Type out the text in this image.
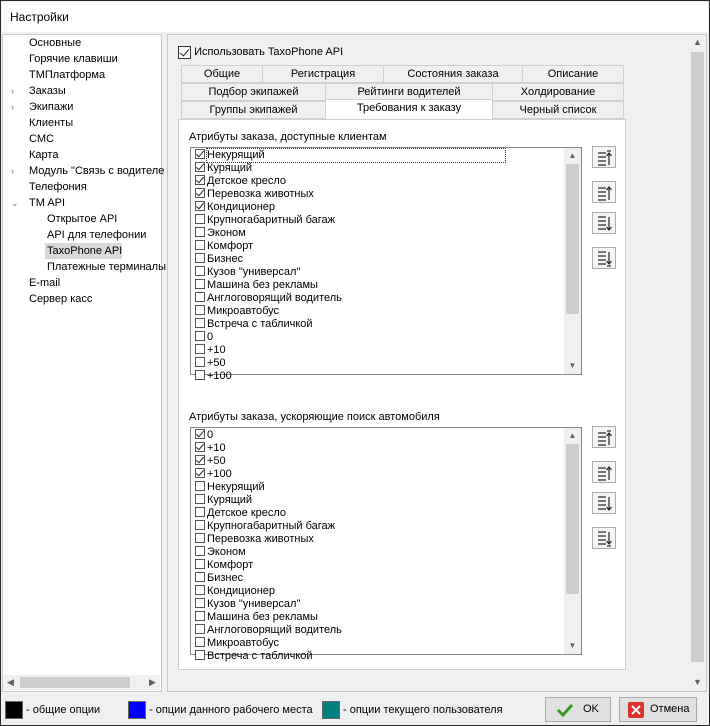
Настройки
◀	▶
Основные
Горячие клавиши
ТМПлатформа
Заказы
›
Экипажи
›
Клиенты
СМС
Карта
Модуль "Связь с водителе
›
Телефония
TM API
⌄
Открытое API
API для телефонии
TaxoPhone API
Платежные терминалы
E-mail
Сервер касс
▲
▼
Использовать TaxoPhone API
Общие	Регистрация	Состояния заказа	Описание
Подбор экипажей	Рейтинги водителей	Холдирование
Группы экипажей	Черный список
Атрибуты заказа, доступные клиентам
+100
+50
+10
0
Встреча с табличкой
Микроавтобус
Англоговорящий водитель
Машина без рекламы
Кузов "универсал"
Бизнес
Комфорт
Эконом
Крупногабаритный багаж
Кондиционер
Перевозка животных
Детское кресло
Курящий
Некурящий	▲
▼
Атрибуты заказа, ускоряющие поиск автомобиля
Встреча с табличкой
Микроавтобус
Англоговорящий водитель
Машина без рекламы
Кузов "универсал"
Кондиционер
Бизнес
Комфорт
Эконом
Перевозка животных
Крупногабаритный багаж
Детское кресло
Курящий
Некурящий
+100
+50
+10
0	▲
▼
Требования к заказу
- общие опции	- опции данного рабочего места	- опции текущего пользователя	OK	Отмена
